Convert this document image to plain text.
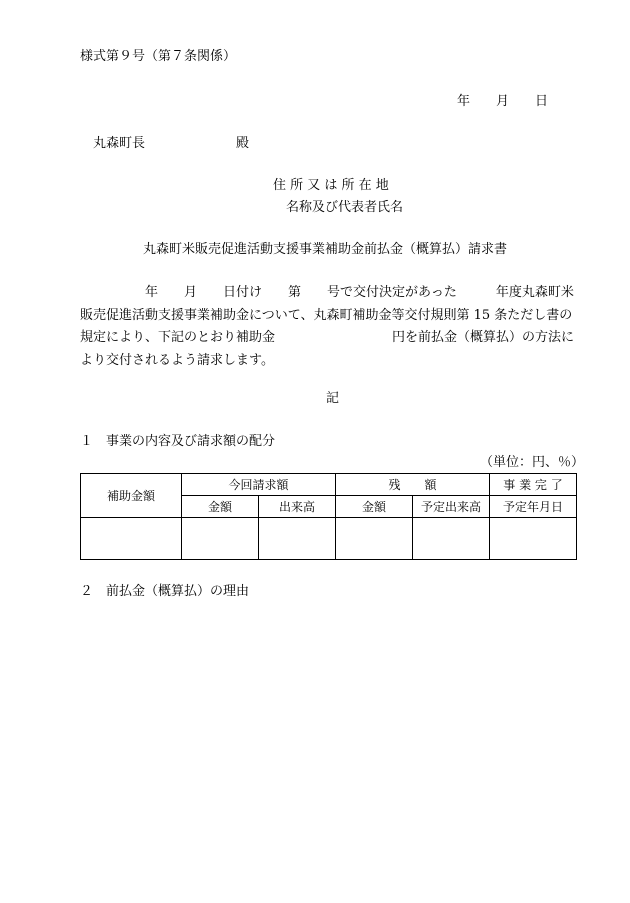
様式第９号（第７条関係）
年　　月　　日
丸森町長　　　　　　　殿
住 所 又 は 所 在 地
名称及び代表者氏名
丸森町米販売促進活動支援事業補助金前払金（概算払）請求書

　　　　　年　　月　　日付け　　第　　号で交付決定があった　　　年度丸森町米販売促進活動支援事業補助金について、丸森町補助金等交付規則第 15 条ただし書の規定により、下記のとおり補助金　　　　　　　　　円を前払金（概算払）の方法により交付されるよう請求します。

記
１　事業の内容及び請求額の配分
（単位：円、％）
補助金額	今回請求額		残　　額		事 業 完 了
	金額	出来高	金額	予定出来高	予定年月日

２　前払金（概算払）の理由
